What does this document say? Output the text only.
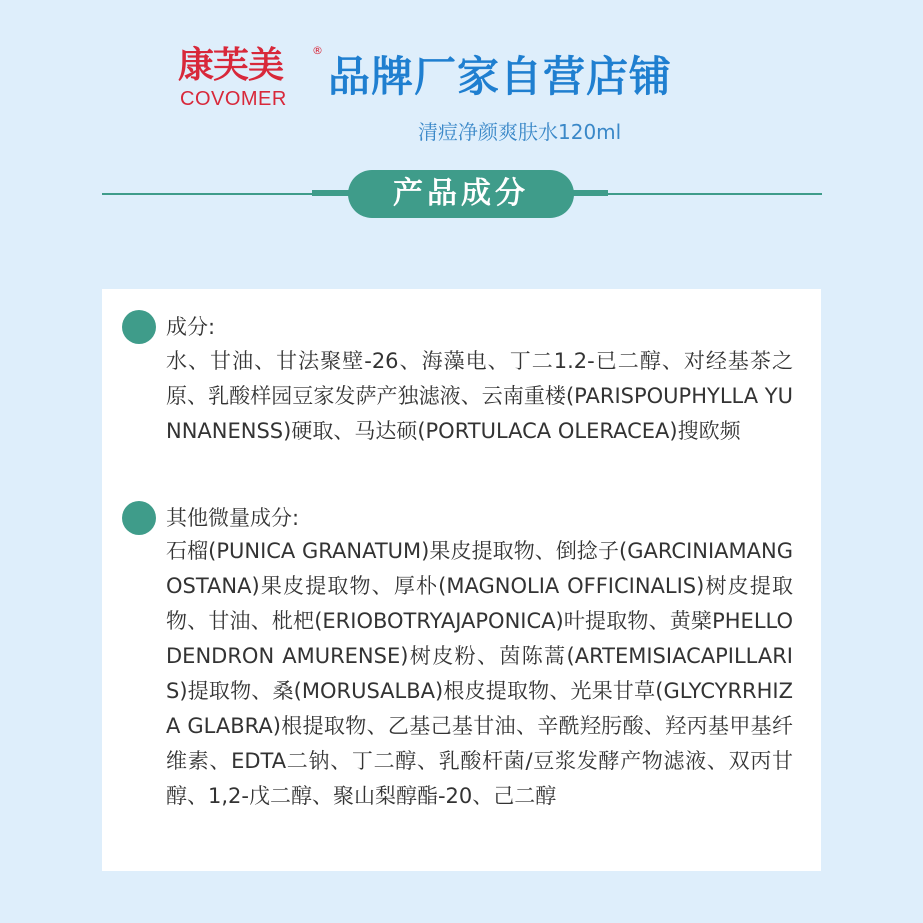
康芙美	®
COVOMER 品牌厂家自营店铺
清痘净颜爽肤水120ml
产品成分
成分:
水、甘油、甘法聚壁-26、海藻电、丁二1.2-已二醇、对经基茶之原、乳酸样园豆家发萨产独滤液、云南重楼(PARISPOUPHYLLA YUNNANENSS)硬取、马达硕(PORTULACA OLERACEA)搜欧频
其他微量成分:
石榴(PUNICA GRANATUM)果皮提取物、倒捻子(GARCINIAMANGOSTANA)果皮提取物、厚朴(MAGNOLIA OFFICINALIS)树皮提取物、甘油、枇杷(ERIOBOTRYAJAPONICA)叶提取物、黄檗PHELLODENDRON AMURENSE)树皮粉、茵陈蒿(ARTEMISIACAPILLARIS)提取物、桑(MORUSALBA)根皮提取物、光果甘草(GLYCYRRHIZA GLABRA)根提取物、乙基己基甘油、辛酰羟肟酸、羟丙基甲基纤维素、EDTA二钠、丁二醇、乳酸杆菌/豆浆发酵产物滤液、双丙甘醇、1,2-戊二醇、聚山梨醇酯-20、己二醇
